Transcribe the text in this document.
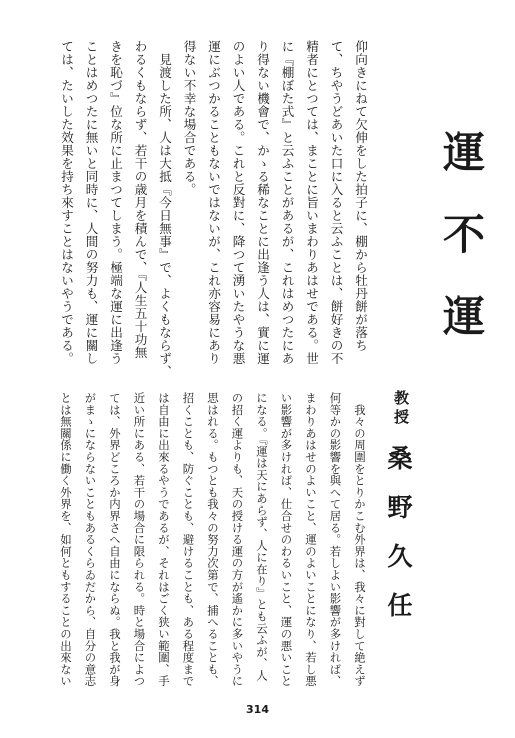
運不運
教授
桑野久任
　我々の周圍をとりかこむ外界は、我々に對して絶えず
何等かの影響を與へて居る。若しよい影響が多ければ、
まわりあはせのよいこと、運のよいことになり、若し悪
い影響が多ければ、仕合せのわるいこと、運の悪いこと
になる。『運は天にあらず、人に在り』とも云ふが、人
の招く運よりも、天の授ける運の方が遙かに多いやうに
思はれる。もつとも我々の努力次第で、捕へることも、
招くことも、防ぐことも、避けることも、ある程度まで
は自由に出來るやうであるが、それはごく狭い範圍、手
近い所にある、若干の場合に限られる。時と場合によつ
ては、外界どころか内界さへ自由にならぬ。我と我が身
がまゝにならないこともあるくらゐだから、自分の意志
とは無關係に働く外界を、如何ともすることの出來ない
仰向きにねて欠伸をした拍子に、棚から牡丹餅が落ち
て、ちやうどあいた口に入ると云ふことは、餅好きの不
精者にとつては、まことに旨いまわりあはせである。世
に『棚ぼた式』と云ふことがあるが、これはめつたにあ
り得ない機會で、かゝる稀なことに出逢う人は、實に運
のよい人である。これと反對に、降つて湧いたやうな悪
運にぶつかることもないではないが、これ亦容易にあり
得ない不幸な場合である。
　見渡した所、人は大抵『今日無事』で、よくもならず、
わるくもならず、若干の歳月を積んで、『人生五十功無
きを恥づ』位な所に止まつてしまう。極端な運に出逢う
ことはめつたに無いと同時に、人間の努力も、運に關し
ては、たいした效果を持ち來すことはないやうである。
314
